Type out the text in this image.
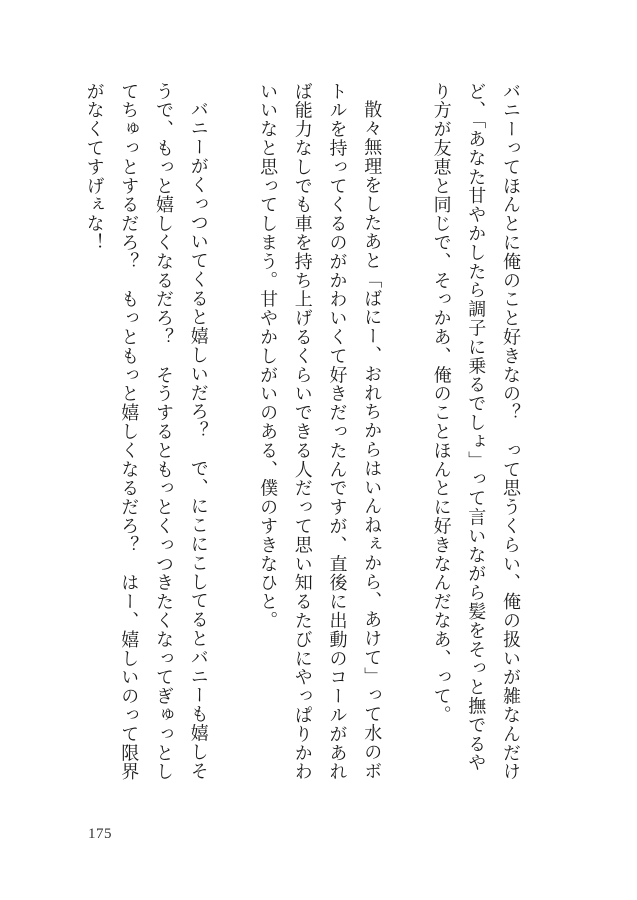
バニーってほんとに俺のこと好きなの？　って思うくらい、俺の扱いが雑なんだけど、「あなた甘やかしたら調子に乗るでしょ」って言いながら髪をそっと撫でるやり方が友恵と同じで、そっかあ、俺のことほんとに好きなんだなあ、って。

散々無理をしたあと「ばにー、おれちからはいんねぇから、あけて」って水のボトルを持ってくるのがかわいくて好きだったんですが、直後に出動のコールがあれば能力なしでも車を持ち上げるくらいできる人だって思い知るたびにやっぱりかわいいなと思ってしまう。甘やかしがいのある、僕のすきなひと。

バニーがくっついてくると嬉しいだろ？　で、にこにこしてるとバニーも嬉しそうで、もっと嬉しくなるだろ？　そうするともっとくっつきたくなってぎゅっとしてちゅっとするだろ？　もっともっと嬉しくなるだろ？　はー、嬉しいのって限界がなくてすげぇな！

175
